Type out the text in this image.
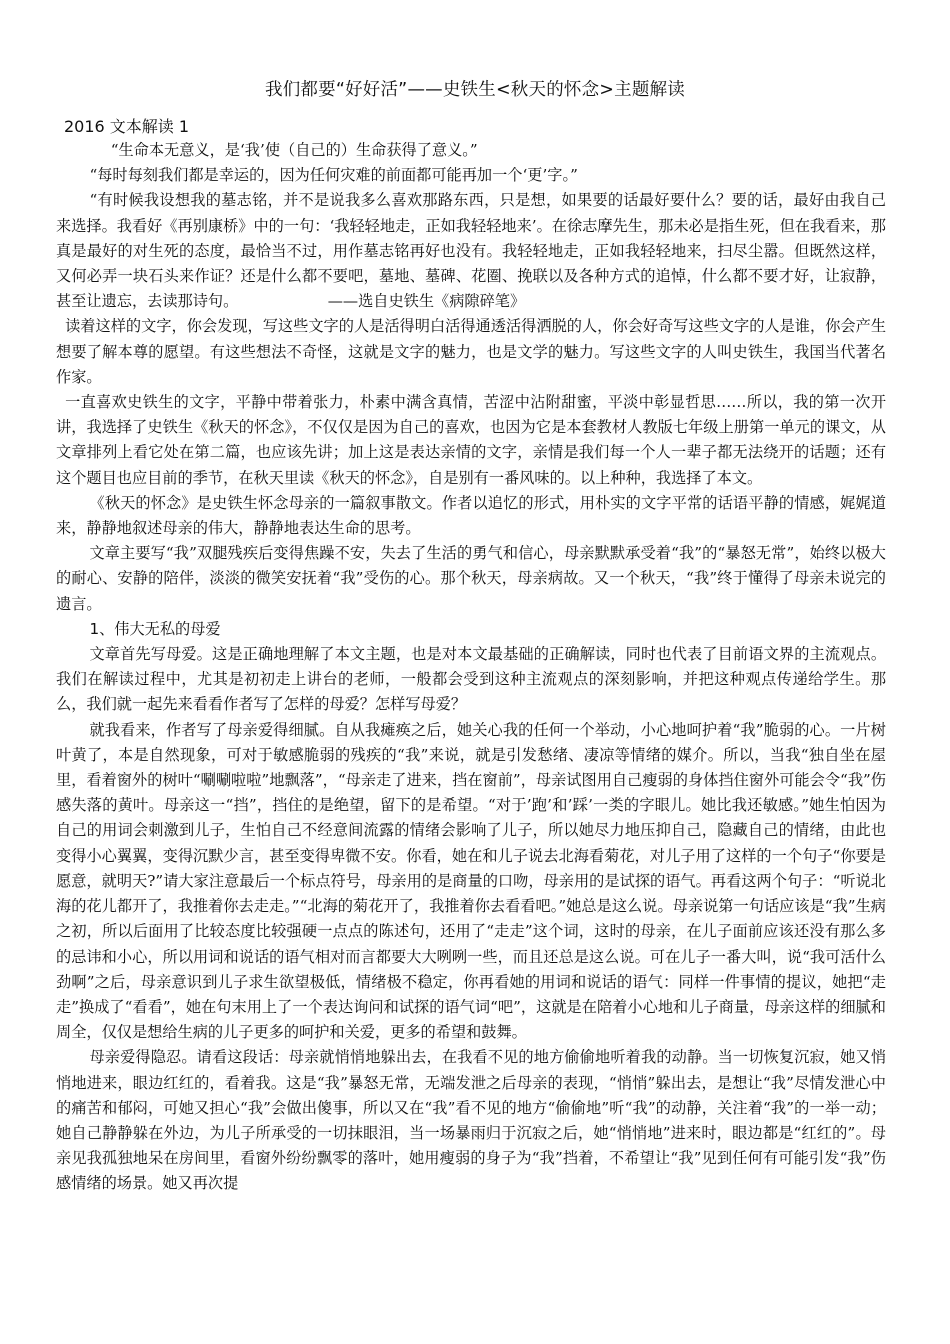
我们都要“好好活”——史铁生<秋天的怀念>主题解读
2016 文本解读 1

“生命本无意义，是‘我’使（自己的）生命获得了意义。”

“每时每刻我们都是幸运的，因为任何灾难的前面都可能再加一个‘更’字。”

“有时候我设想我的墓志铭，并不是说我多么喜欢那路东西，只是想，如果要的话最好要什么？要的话，最好由我自己来选择。我看好《再别康桥》中的一句：‘我轻轻地走，正如我轻轻地来’。在徐志摩先生，那未必是指生死，但在我看来，那真是最好的对生死的态度，最恰当不过，用作墓志铭再好也没有。我轻轻地走，正如我轻轻地来，扫尽尘嚣。但既然这样，又何必弄一块石头来作证？还是什么都不要吧，墓地、墓碑、花圈、挽联以及各种方式的追悼，什么都不要才好，让寂静，甚至让遗忘，去读那诗句。	——选自史铁生《病隙碎笔》

读着这样的文字，你会发现，写这些文字的人是活得明白活得通透活得洒脱的人，你会好奇写这些文字的人是谁，你会产生想要了解本尊的愿望。有这些想法不奇怪，这就是文字的魅力，也是文学的魅力。写这些文字的人叫史铁生，我国当代著名作家。

一直喜欢史铁生的文字，平静中带着张力，朴素中满含真情，苦涩中沾附甜蜜，平淡中彰显哲思……所以，我的第一次开讲，我选择了史铁生《秋天的怀念》，不仅仅是因为自己的喜欢，也因为它是本套教材人教版七年级上册第一单元的课文，从文章排列上看它处在第二篇，也应该先讲；加上这是表达亲情的文字，亲情是我们每一个人一辈子都无法绕开的话题；还有这个题目也应目前的季节，在秋天里读《秋天的怀念》，自是别有一番风味的。以上种种，我选择了本文。

《秋天的怀念》是史铁生怀念母亲的一篇叙事散文。作者以追忆的形式，用朴实的文字平常的话语平静的情感，娓娓道来，静静地叙述母亲的伟大，静静地表达生命的思考。

文章主要写“我”双腿残疾后变得焦躁不安，失去了生活的勇气和信心，母亲默默承受着“我”的“暴怒无常”，始终以极大的耐心、安静的陪伴，淡淡的微笑安抚着“我”受伤的心。那个秋天，母亲病故。又一个秋天，“我”终于懂得了母亲未说完的遗言。

1、伟大无私的母爱

文章首先写母爱。这是正确地理解了本文主题，也是对本文最基础的正确解读，同时也代表了目前语文界的主流观点。我们在解读过程中，尤其是初初走上讲台的老师，一般都会受到这种主流观点的深刻影响，并把这种观点传递给学生。那么，我们就一起先来看看作者写了怎样的母爱？怎样写母爱？

就我看来，作者写了母亲爱得细腻。自从我瘫痪之后，她关心我的任何一个举动，小心地呵护着“我”脆弱的心。一片树叶黄了，本是自然现象，可对于敏感脆弱的残疾的“我”来说，就是引发愁绪、凄凉等情绪的媒介。所以，当我“独自坐在屋里，看着窗外的树叶“唰唰啦啦”地飘落”，“母亲走了进来，挡在窗前”，母亲试图用自己瘦弱的身体挡住窗外可能会令“我”伤感失落的黄叶。母亲这一“挡”，挡住的是绝望，留下的是希望。“对于’跑’和’踩’一类的字眼儿。她比我还敏感。”她生怕因为自己的用词会刺激到儿子，生怕自己不经意间流露的情绪会影响了儿子，所以她尽力地压抑自己，隐藏自己的情绪，由此也变得小心翼翼，变得沉默少言，甚至变得卑微不安。你看，她在和儿子说去北海看菊花，对儿子用了这样的一个句子“你要是愿意，就明天?”请大家注意最后一个标点符号，母亲用的是商量的口吻，母亲用的是试探的语气。再看这两个句子：“听说北海的花儿都开了，我推着你去走走。”“北海的菊花开了，我推着你去看看吧。”她总是这么说。母亲说第一句话应该是“我”生病之初，所以后面用了比较态度比较强硬一点点的陈述句，还用了“走走”这个词，这时的母亲，在儿子面前应该还没有那么多的忌讳和小心，所以用词和说话的语气相对而言都要大大咧咧一些，而且还总是这么说。可在儿子一番大叫，说“我可活什么劲啊”之后，母亲意识到儿子求生欲望极低，情绪极不稳定，你再看她的用词和说话的语气：同样一件事情的提议，她把“走走”换成了“看看”，她在句末用上了一个表达询问和试探的语气词“吧”，这就是在陪着小心地和儿子商量，母亲这样的细腻和周全，仅仅是想给生病的儿子更多的呵护和关爱，更多的希望和鼓舞。

母亲爱得隐忍。请看这段话：母亲就悄悄地躲出去，在我看不见的地方偷偷地听着我的动静。当一切恢复沉寂，她又悄悄地进来，眼边红红的，看着我。这是“我”暴怒无常，无端发泄之后母亲的表现，“悄悄”躲出去，是想让“我”尽情发泄心中的痛苦和郁闷，可她又担心“我”会做出傻事，所以又在“我”看不见的地方“偷偷地”听“我”的动静，关注着“我”的一举一动；她自己静静躲在外边，为儿子所承受的一切抹眼泪，当一场暴雨归于沉寂之后，她“悄悄地”进来时，眼边都是“红红的”。母亲见我孤独地呆在房间里，看窗外纷纷飘零的落叶，她用瘦弱的身子为“我”挡着，不希望让“我”见到任何有可能引发“我”伤感情绪的场景。她又再次提
